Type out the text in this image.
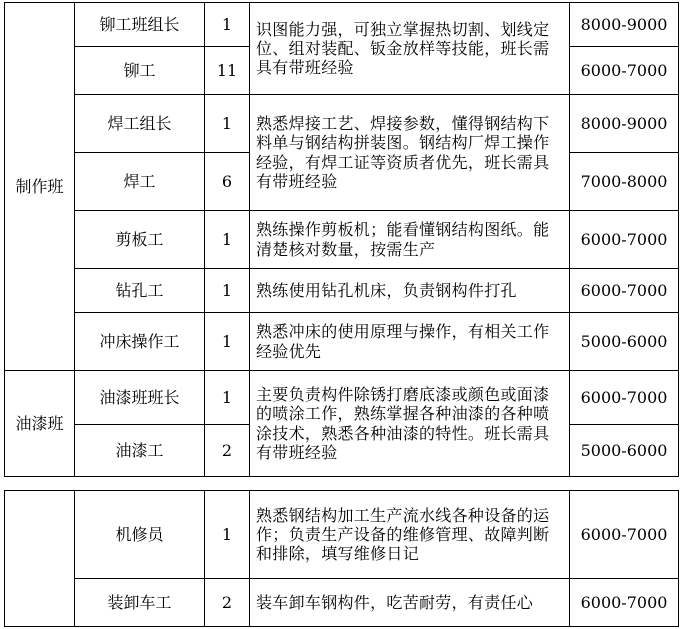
制作班	铆工班组长	1	识图能力强，可独立掌握热切割、划线定位、组对装配、钣金放样等技能，班长需具有带班经验	8000-9000
	铆工	11		6000-7000
	焊工组长	1	熟悉焊接工艺、焊接参数，懂得钢结构下料单与钢结构拼装图。钢结构厂焊工操作经验，有焊工证等资质者优先，班长需具有带班经验	8000-9000
	焊工	6		7000-8000
	剪板工	1	熟练操作剪板机；能看懂钢结构图纸。能清楚核对数量，按需生产	6000-7000
	钻孔工	1	熟练使用钻孔机床，负责钢构件打孔	6000-7000
	冲床操作工	1	熟悉冲床的使用原理与操作，有相关工作经验优先	5000-6000
油漆班	油漆班班长	1	主要负责构件除锈打磨底漆或颜色或面漆的喷涂工作，熟练掌握各种油漆的各种喷涂技术，熟悉各种油漆的特性。班长需具有带班经验	6000-7000
	油漆工	2		5000-6000
	机修员	1	熟悉钢结构加工生产流水线各种设备的运作；负责生产设备的维修管理、故障判断和排除，填写维修日记	6000-7000
	装卸车工	2	装车卸车钢构件，吃苦耐劳，有责任心	6000-7000
